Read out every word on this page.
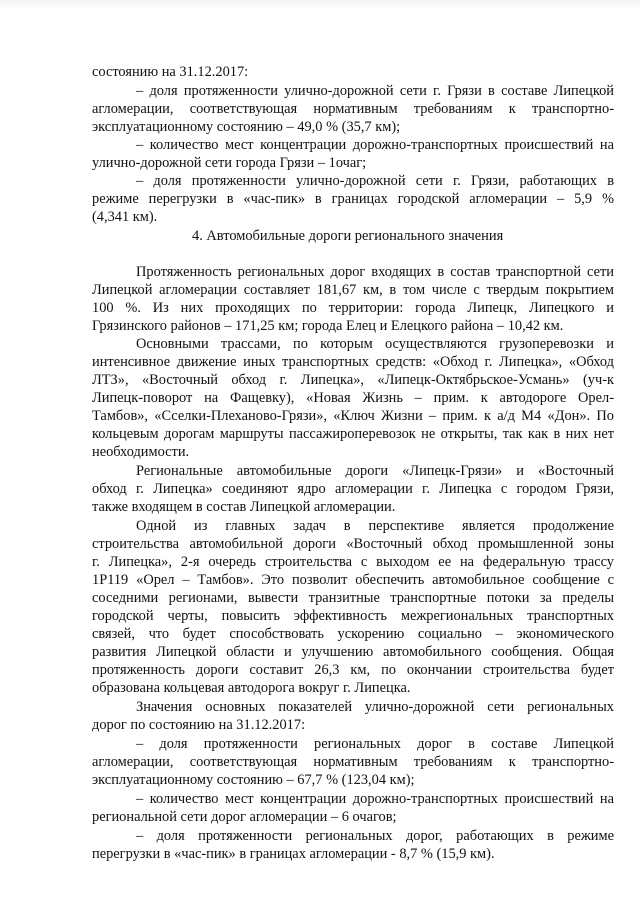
состоянию на 31.12.2017:
– доля протяженности улично-дорожной сети г. Грязи в составе Липецкой
агломерации, соответствующая нормативным требованиям к транспортно-
эксплуатационному состоянию – 49,0 % (35,7 км);
– количество мест концентрации дорожно-транспортных происшествий на
улично-дорожной сети города Грязи – 1очаг;
– доля протяженности улично-дорожной сети г. Грязи, работающих в
режиме перегрузки в «час-пик» в границах городской агломерации – 5,9 %
(4,341 км).
4. Автомобильные дороги регионального значения
Протяженность региональных дорог входящих в состав транспортной сети
Липецкой агломерации составляет 181,67 км, в том числе с твердым покрытием
100 %. Из них проходящих по территории: города Липецк, Липецкого и
Грязинского районов – 171,25 км; города Елец и Елецкого района – 10,42 км.
Основными трассами, по которым осуществляются грузоперевозки и
интенсивное движение иных транспортных средств: «Обход г. Липецка», «Обход
ЛТЗ», «Восточный обход г. Липецка», «Липецк-Октябрьское-Усмань» (уч-к
Липецк-поворот на Фащевку), «Новая Жизнь – прим. к автодороге Орел-
Тамбов», «Сселки-Плеханово-Грязи», «Ключ Жизни – прим. к а/д М4 «Дон». По
кольцевым дорогам маршруты пассажироперевозок не открыты, так как в них нет
необходимости.
Региональные автомобильные дороги «Липецк-Грязи» и «Восточный
обход г. Липецка» соединяют ядро агломерации г. Липецка с городом Грязи,
также входящем в состав Липецкой агломерации.
Одной из главных задач в перспективе является продолжение
строительства автомобильной дороги «Восточный обход промышленной зоны
г. Липецка», 2-я очередь строительства с выходом ее на федеральную трассу
1Р119 «Орел – Тамбов». Это позволит обеспечить автомобильное сообщение с
соседними регионами, вывести транзитные транспортные потоки за пределы
городской черты, повысить эффективность межрегиональных транспортных
связей, что будет способствовать ускорению социально – экономического
развития Липецкой области и улучшению автомобильного сообщения. Общая
протяженность дороги составит 26,3 км, по окончании строительства будет
образована кольцевая автодорога вокруг г. Липецка.
Значения основных показателей улично-дорожной сети региональных
дорог по состоянию на 31.12.2017:
– доля протяженности региональных дорог в составе Липецкой
агломерации, соответствующая нормативным требованиям к транспортно-
эксплуатационному состоянию – 67,7 % (123,04 км);
– количество мест концентрации дорожно-транспортных происшествий на
региональной сети дорог агломерации – 6 очагов;
– доля протяженности региональных дорог, работающих в режиме
перегрузки в «час-пик» в границах агломерации - 8,7 % (15,9 км).
